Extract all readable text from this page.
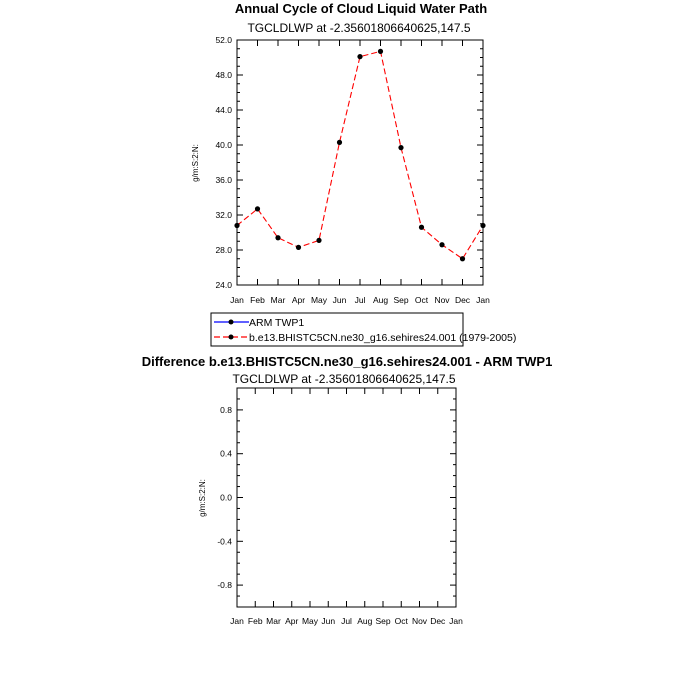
Annual Cycle of Cloud Liquid Water Path
TGCLDLWP at -2.35601806640625,147.5
g/m:S:2:N:
Jan Feb Mar Apr May Jun Jul Aug Sep Oct Nov Dec Jan
52.0
48.0
44.0
40.0
36.0
32.0
28.0
24.0
ARM TWP1
b.e13.BHISTC5CN.ne30_g16.sehires24.001 (1979-2005)
Difference b.e13.BHISTC5CN.ne30_g16.sehires24.001 - ARM TWP1
TGCLDLWP at -2.35601806640625,147.5
g/m:S:2:N:
Jan Feb Mar Apr May Jun Jul Aug Sep Oct Nov Dec Jan
0.8
0.4
0.0
-0.4
-0.8
